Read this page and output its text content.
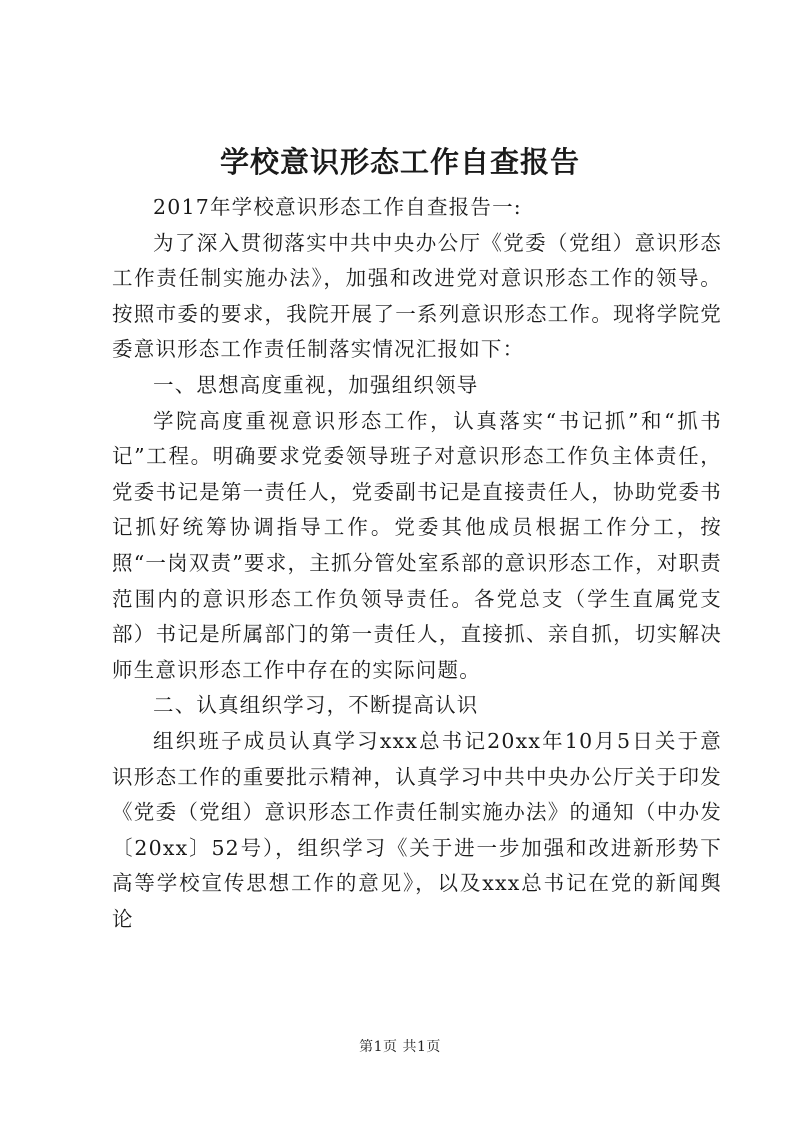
学校意识形态工作自查报告

2017年学校意识形态工作自查报告一:

为了深入贯彻落实中共中央办公厅《党委（党组）意识形态工作责任制实施办法》，加强和改进党对意识形态工作的领导。按照市委的要求，我院开展了一系列意识形态工作。现将学院党委意识形态工作责任制落实情况汇报如下：

一、思想高度重视，加强组织领导

学院高度重视意识形态工作，认真落实“书记抓”和“抓书记”工程。明确要求党委领导班子对意识形态工作负主体责任，党委书记是第一责任人，党委副书记是直接责任人，协助党委书记抓好统筹协调指导工作。党委其他成员根据工作分工，按照“一岗双责”要求，主抓分管处室系部的意识形态工作，对职责范围内的意识形态工作负领导责任。各党总支（学生直属党支部）书记是所属部门的第一责任人，直接抓、亲自抓，切实解决师生意识形态工作中存在的实际问题。

二、认真组织学习，不断提高认识

组织班子成员认真学习xxx总书记20xx年10月5日关于意识形态工作的重要批示精神，认真学习中共中央办公厅关于印发《党委（党组）意识形态工作责任制实施办法》的通知（中办发〔20xx〕52号），组织学习《关于进一步加强和改进新形势下高等学校宣传思想工作的意见》，以及xxx总书记在党的新闻舆论

第1页 共1页
